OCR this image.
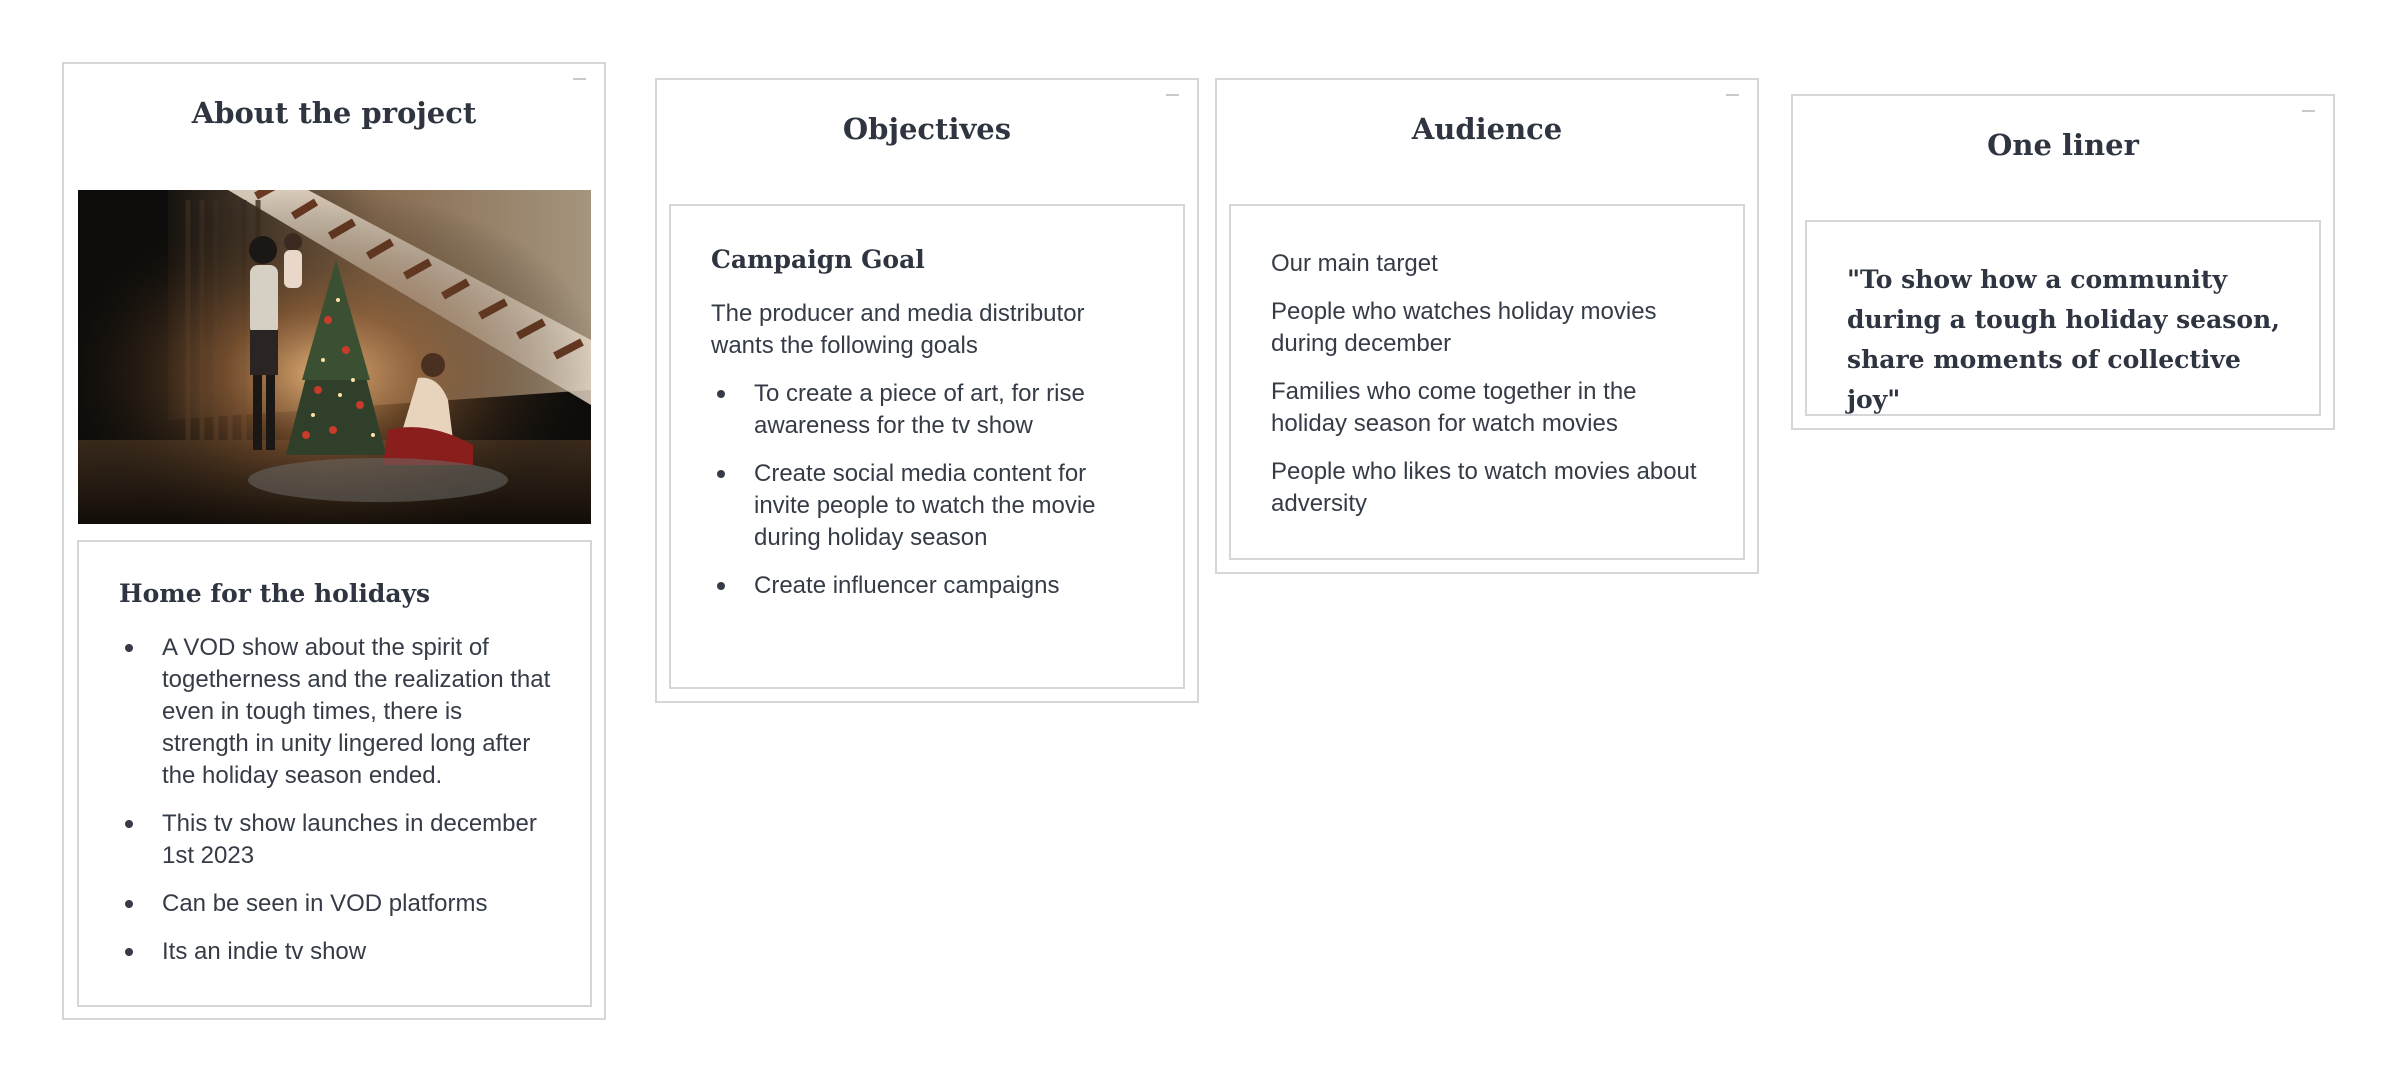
About the project
Home for the holidays
A VOD show about the spirit of togetherness and the realization that even in tough times, there is strength in unity lingered long after the holiday season ended.
This tv show launches in december 1st 2023
Can be seen in VOD platforms
Its an indie tv show
Objectives
Campaign Goal

The producer and media distributor wants the following goals

To create a piece of art, for rise awareness for the tv show
Create social media content for invite people to watch the movie during holiday season
Create influencer campaigns
Audience

Our main target

People who watches holiday movies during december

Families who come together in the holiday season for watch movies

People who likes to watch movies about adversity

One liner

"To show how a community during a tough holiday season, share moments of collective joy"
